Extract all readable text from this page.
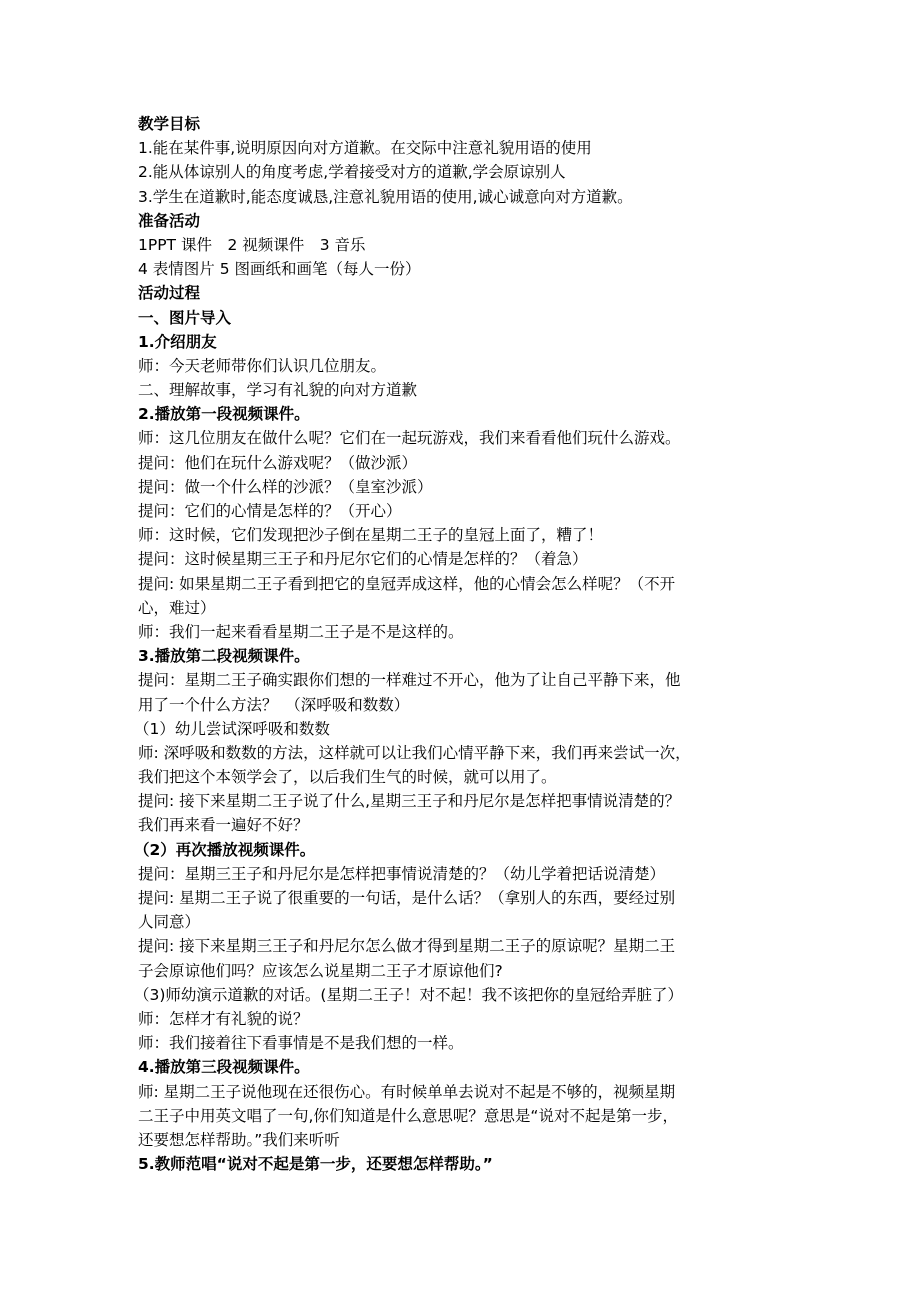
教学目标
1.能在某件事,说明原因向对方道歉。在交际中注意礼貌用语的使用
2.能从体谅别人的角度考虑,学着接受对方的道歉,学会原谅别人
3.学生在道歉时,能态度诚恳,注意礼貌用语的使用,诚心诚意向对方道歉。
准备活动
1PPT 课件　2 视频课件　3 音乐
4 表情图片 5 图画纸和画笔（每人一份）
活动过程
一、图片导入
1.介绍朋友
师：今天老师带你们认识几位朋友。
二、理解故事，学习有礼貌的向对方道歉
2.播放第一段视频课件。
师：这几位朋友在做什么呢？它们在一起玩游戏，我们来看看他们玩什么游戏。
提问：他们在玩什么游戏呢？（做沙派）
提问：做一个什么样的沙派？（皇室沙派）
提问：它们的心情是怎样的？（开心）
师：这时候，它们发现把沙子倒在星期二王子的皇冠上面了，糟了！
提问：这时候星期三王子和丹尼尔它们的心情是怎样的？（着急）
提问: 如果星期二王子看到把它的皇冠弄成这样，他的心情会怎么样呢？（不开
心，难过）
师：我们一起来看看星期二王子是不是这样的。
3.播放第二段视频课件。
提问：星期二王子确实跟你们想的一样难过不开心，他为了让自己平静下来，他
用了一个什么方法？　（深呼吸和数数）
（1）幼儿尝试深呼吸和数数
师: 深呼吸和数数的方法，这样就可以让我们心情平静下来，我们再来尝试一次，
我们把这个本领学会了，以后我们生气的时候，就可以用了。
提问: 接下来星期二王子说了什么,星期三王子和丹尼尔是怎样把事情说清楚的？
我们再来看一遍好不好？
（2）再次播放视频课件。
提问：星期三王子和丹尼尔是怎样把事情说清楚的？（幼儿学着把话说清楚）
提问: 星期二王子说了很重要的一句话，是什么话？（拿别人的东西，要经过别
人同意）
提问: 接下来星期三王子和丹尼尔怎么做才得到星期二王子的原谅呢？星期二王
子会原谅他们吗？应该怎么说星期二王子才原谅他们?
（3)师幼演示道歉的对话。(星期二王子！对不起！我不该把你的皇冠给弄脏了）
师：怎样才有礼貌的说？
师：我们接着往下看事情是不是我们想的一样。
4.播放第三段视频课件。
师: 星期二王子说他现在还很伤心。有时候单单去说对不起是不够的，视频星期
二王子中用英文唱了一句,你们知道是什么意思呢？意思是“说对不起是第一步，
还要想怎样帮助。”我们来听听
5.教师范唱“说对不起是第一步，还要想怎样帮助。”
